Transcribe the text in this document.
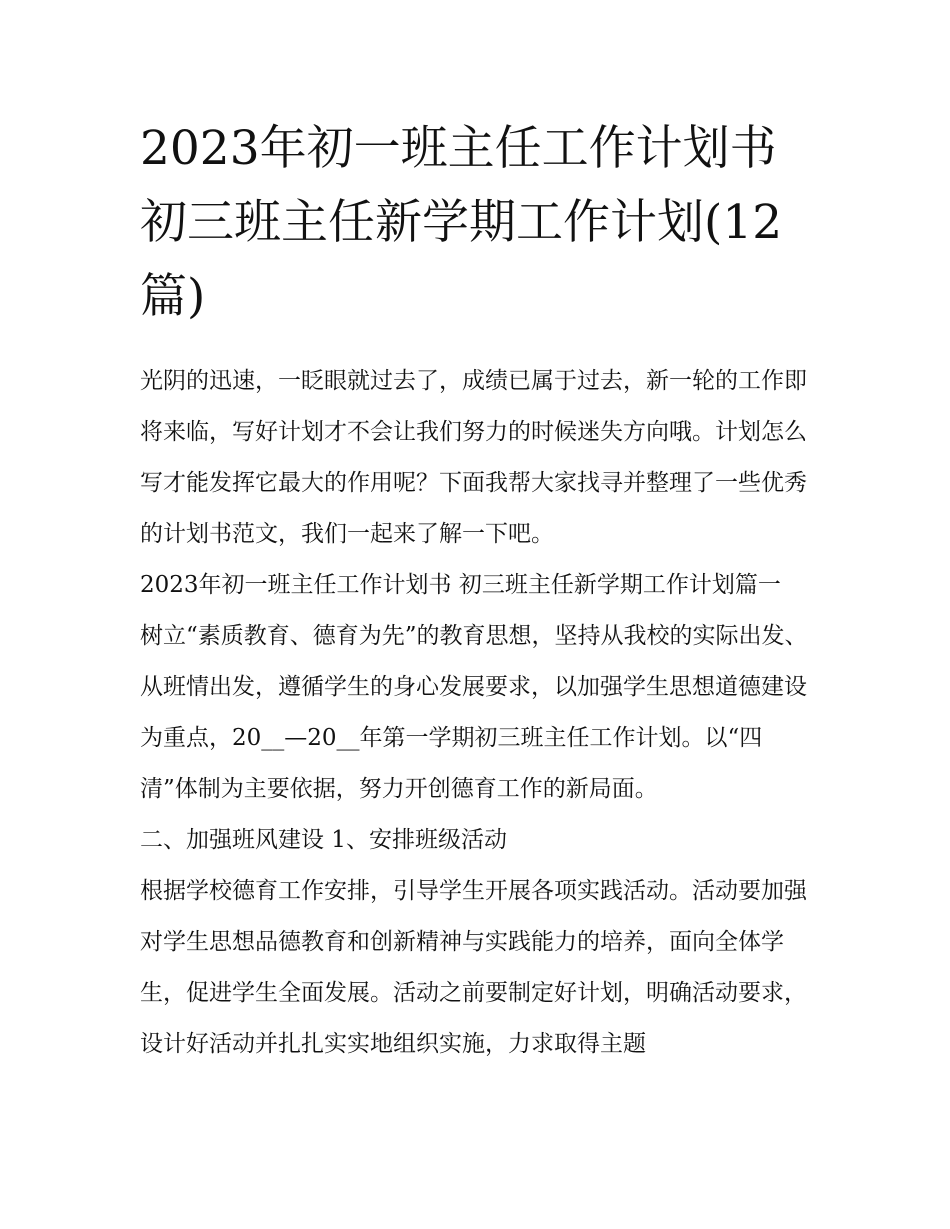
2023年初一班主任工作计划书 初三班主任新学期工作计划(12篇)

光阴的迅速，一眨眼就过去了，成绩已属于过去，新一轮的工作即将来临，写好计划才不会让我们努力的时候迷失方向哦。计划怎么写才能发挥它最大的作用呢？下面我帮大家找寻并整理了一些优秀的计划书范文，我们一起来了解一下吧。

2023年初一班主任工作计划书 初三班主任新学期工作计划篇一

树立“素质教育、德育为先”的教育思想，坚持从我校的实际出发、从班情出发，遵循学生的身心发展要求，以加强学生思想道德建设为重点，20__—20__年第一学期初三班主任工作计划。以“四清”体制为主要依据，努力开创德育工作的新局面。

二、加强班风建设 1、安排班级活动

根据学校德育工作安排，引导学生开展各项实践活动。活动要加强对学生思想品德教育和创新精神与实践能力的培养，面向全体学生，促进学生全面发展。活动之前要制定好计划，明确活动要求，设计好活动并扎扎实实地组织实施，力求取得主题
